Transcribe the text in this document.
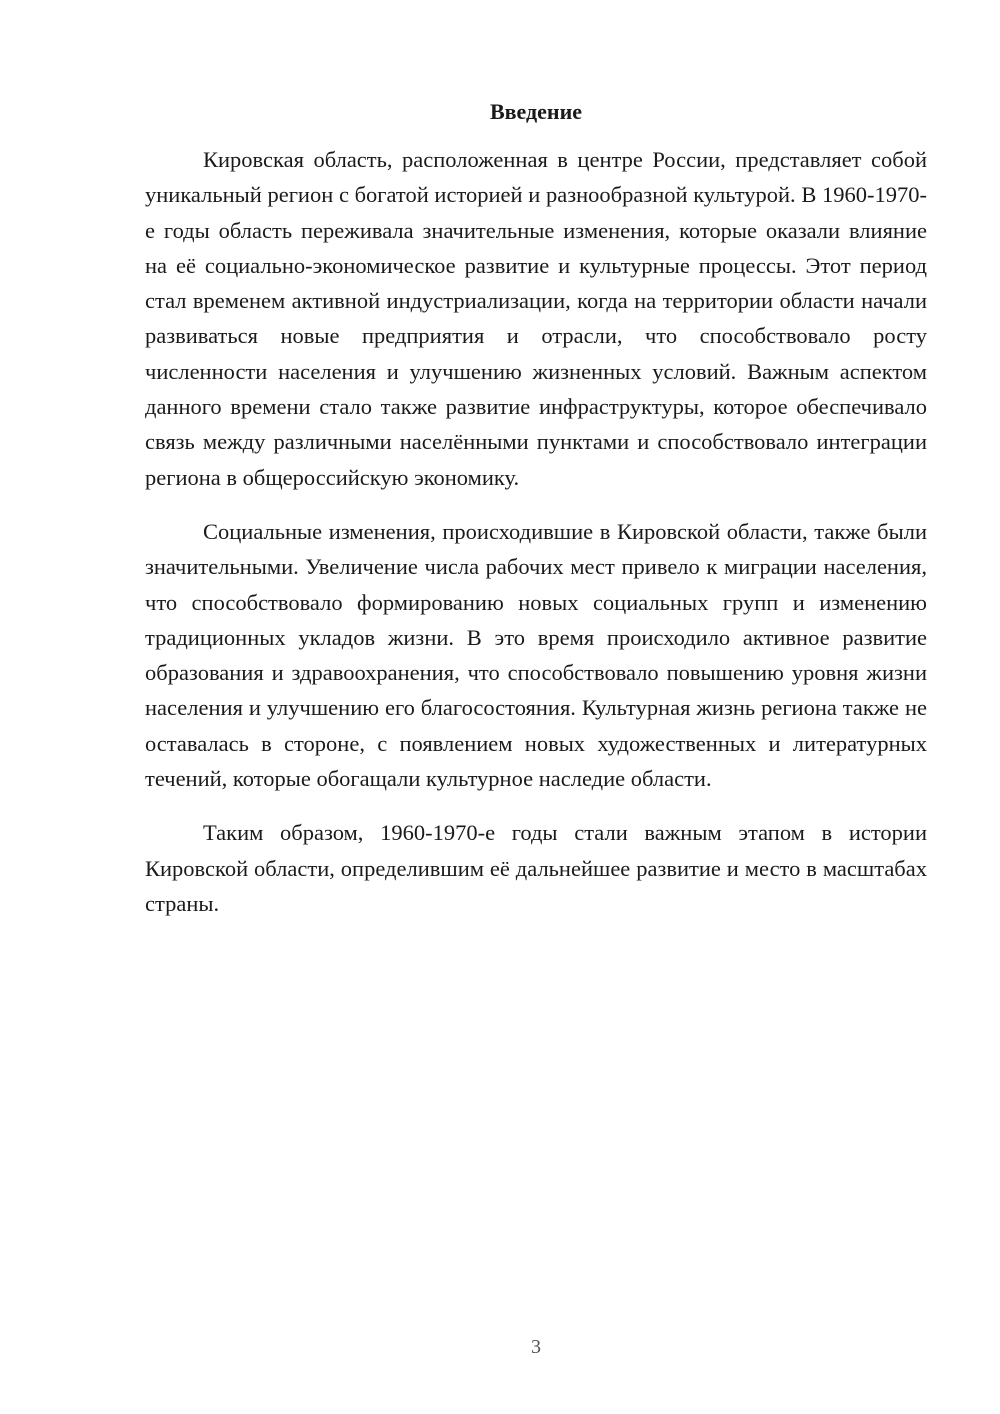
Введение

Кировская область, расположенная в центре России, представляет собой уникальный регион с богатой историей и разнообразной культурой. В 1960-1970-е годы область переживала значительные изменения, которые оказали влияние на её социально-экономическое развитие и культурные процессы. Этот период стал временем активной индустриализации, когда на территории области начали развиваться новые предприятия и отрасли, что способствовало росту численности населения и улучшению жизненных условий. Важным аспектом данного времени стало также развитие инфраструктуры, которое обеспечивало связь между различными населёнными пунктами и способствовало интеграции региона в общероссийскую экономику.

Социальные изменения, происходившие в Кировской области, также были значительными. Увеличение числа рабочих мест привело к миграции населения, что способствовало формированию новых социальных групп и изменению традиционных укладов жизни. В это время происходило активное развитие образования и здравоохранения, что способствовало повышению уровня жизни населения и улучшению его благосостояния. Культурная жизнь региона также не оставалась в стороне, с появлением новых художественных и литературных течений, которые обогащали культурное наследие области.

Таким образом, 1960-1970-е годы стали важным этапом в истории Кировской области, определившим её дальнейшее развитие и место в масштабах страны.

3
